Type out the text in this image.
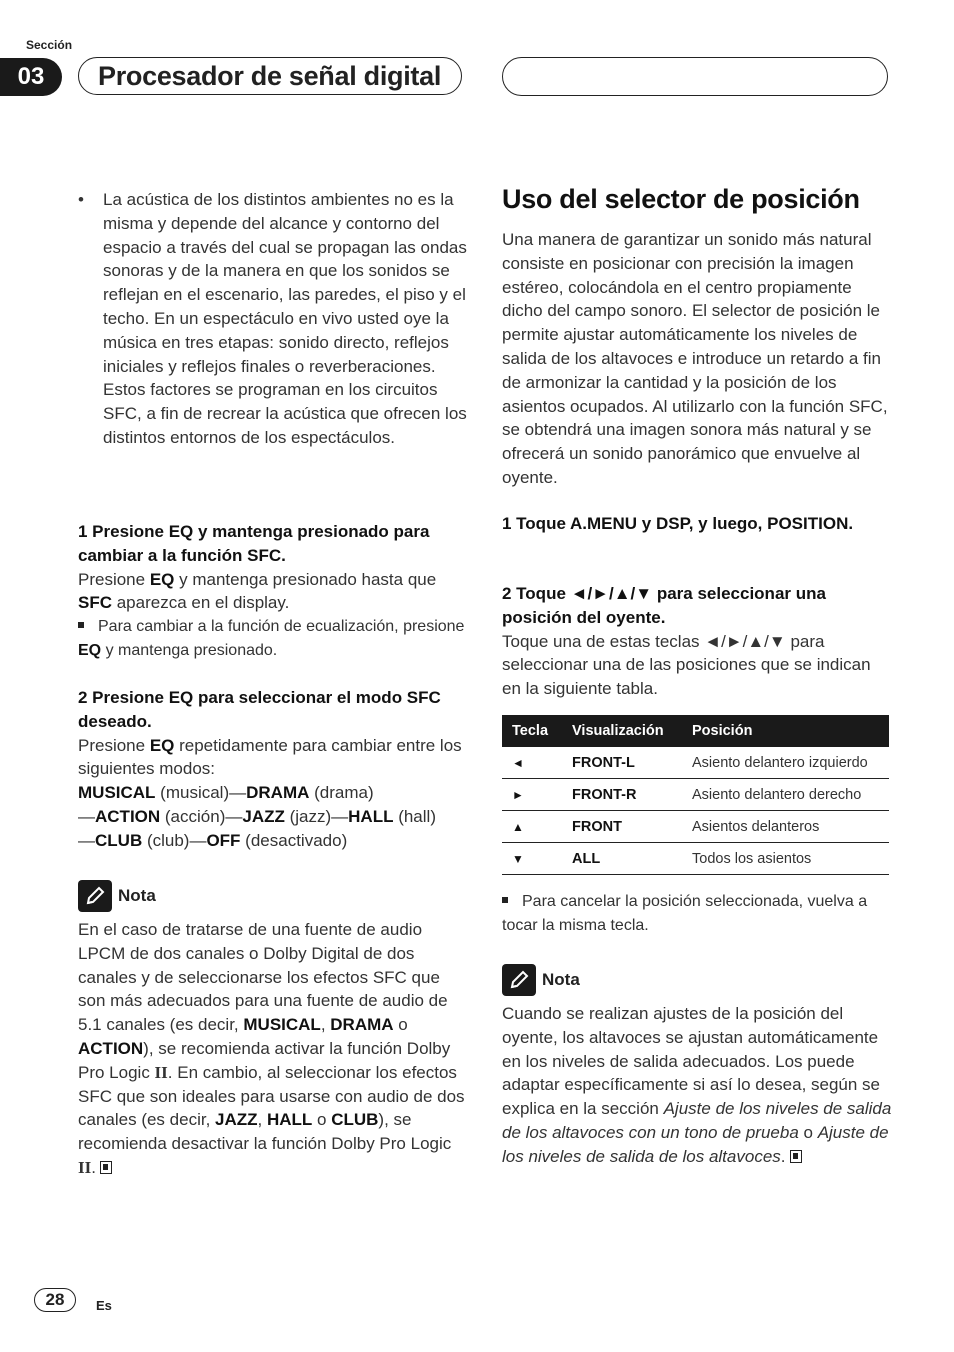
Sección
03	Procesador de señal digital
• La acústica de los distintos ambientes no es la misma y depende del alcance y contorno del espacio a través del cual se propagan las ondas sonoras y de la manera en que los sonidos se reflejan en el escenario, las paredes, el piso y el techo. En un espectáculo en vivo usted oye la música en tres etapas: sonido directo, reflejos iniciales y reflejos finales o reverberaciones. Estos factores se programan en los circuitos SFC, a fin de recrear la acústica que ofrecen los distintos entornos de los espectáculos.
1 Presione EQ y mantenga presionado para cambiar a la función SFC.
Presione EQ y mantenga presionado hasta que SFC aparezca en el display.
Para cambiar a la función de ecualización, presione EQ y mantenga presionado.
2 Presione EQ para seleccionar el modo SFC deseado.
Presione EQ repetidamente para cambiar entre los siguientes modos:
MUSICAL (musical)—DRAMA (drama)
—ACTION (acción)—JAZZ (jazz)—HALL (hall)
—CLUB (club)—OFF (desactivado)
Nota
En el caso de tratarse de una fuente de audio LPCM de dos canales o Dolby Digital de dos canales y de seleccionarse los efectos SFC que son más adecuados para una fuente de audio de 5.1 canales (es decir, MUSICAL, DRAMA o ACTION), se recomienda activar la función Dolby Pro Logic II. En cambio, al seleccionar los efectos SFC que son ideales para usarse con audio de dos canales (es decir, JAZZ, HALL o CLUB), se recomienda desactivar la función Dolby Pro Logic II.
Uso del selector de posición
Una manera de garantizar un sonido más natural consiste en posicionar con precisión la imagen estéreo, colocándola en el centro propiamente dicho del campo sonoro. El selector de posición le permite ajustar automáticamente los niveles de salida de los altavoces e introduce un retardo a fin de armonizar la cantidad y la posición de los asientos ocupados. Al utilizarlo con la función SFC, se obtendrá una imagen sonora más natural y se ofrecerá un sonido panorámico que envuelve al oyente.
1 Toque A.MENU y DSP, y luego, POSITION.
2 Toque ◄/►/▲/▼ para seleccionar una posición del oyente.
Toque una de estas teclas ◄/►/▲/▼ para seleccionar una de las posiciones que se indican en la siguiente tabla.
Tecla	Visualización	Posición
◄	FRONT-L	Asiento delantero izquierdo
►	FRONT-R	Asiento delantero derecho
▲	FRONT	Asientos delanteros
▼	ALL	Todos los asientos
Para cancelar la posición seleccionada, vuelva a tocar la misma tecla.
Nota
Cuando se realizan ajustes de la posición del oyente, los altavoces se ajustan automáticamente en los niveles de salida adecuados. Los puede adaptar específicamente si así lo desea, según se explica en la sección Ajuste de los niveles de salida de los altavoces con un tono de prueba o Ajuste de los niveles de salida de los altavoces.
28	Es
